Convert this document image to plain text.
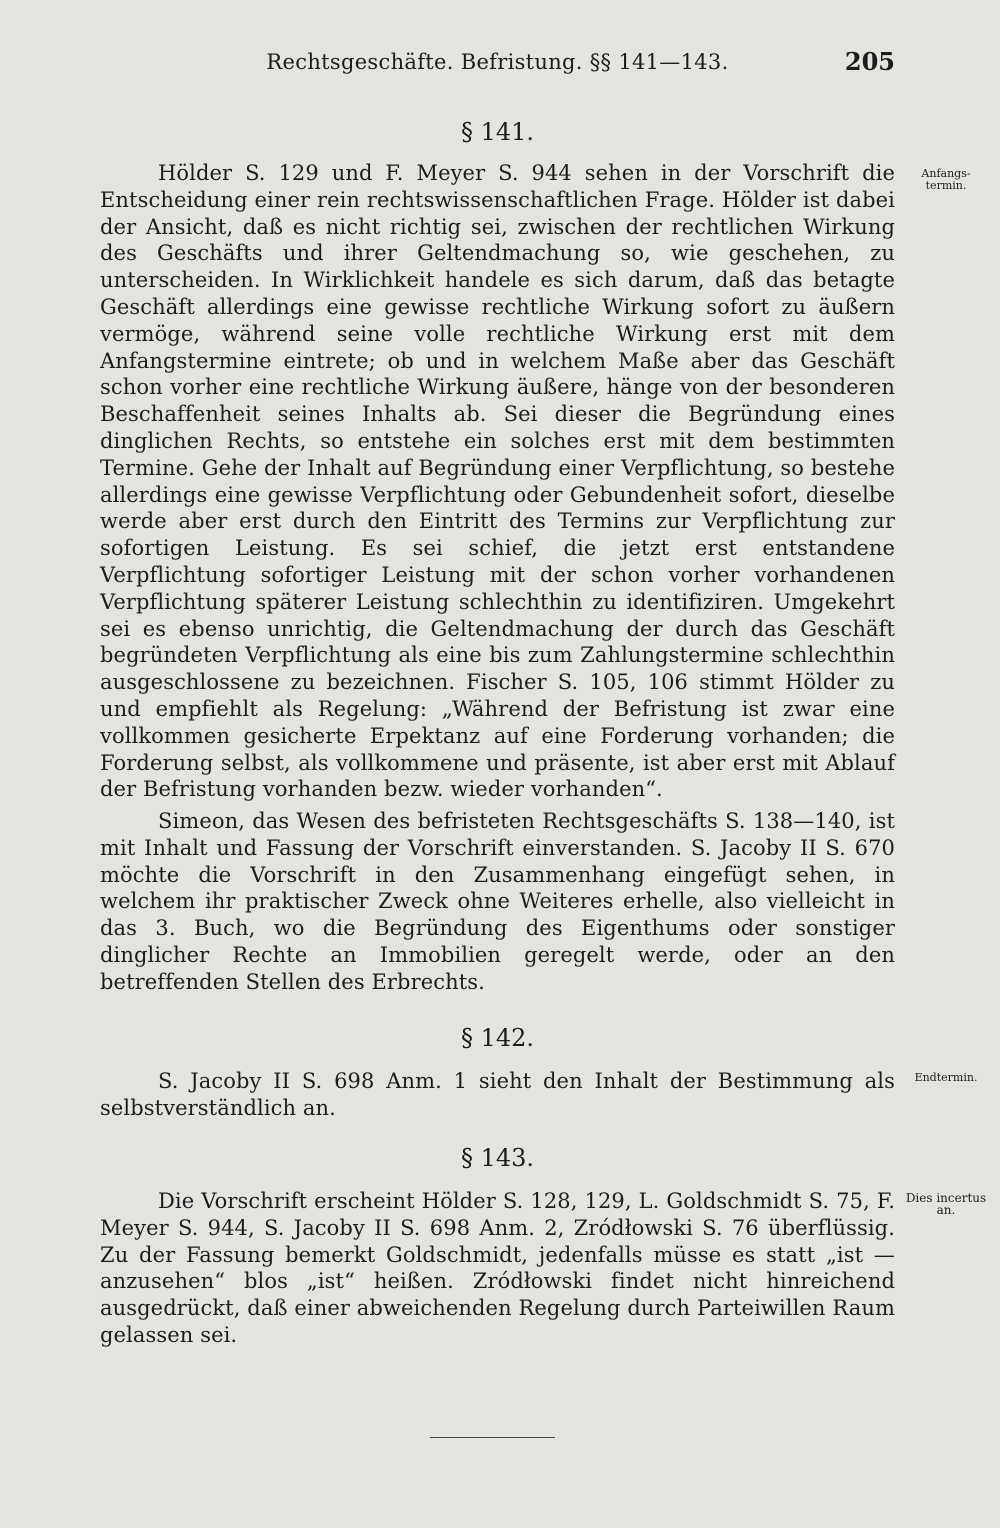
Rechtsgeschäfte. Befristung. §§ 141—143.	205
§ 141.
Hölder S. 129 und F. Meyer S. 944 sehen in der Vorschrift die Entscheidung einer rein rechtswissenschaftlichen Frage. Hölder ist dabei der Ansicht, daß es nicht richtig sei, zwischen der rechtlichen Wirkung des Geschäfts und ihrer Geltendmachung so, wie geschehen, zu unterscheiden. In Wirklichkeit handele es sich darum, daß das betagte Geschäft allerdings eine gewisse rechtliche Wirkung sofort zu äußern vermöge, während seine volle rechtliche Wirkung erst mit dem Anfangstermine eintrete; ob und in welchem Maße aber das Geschäft schon vorher eine rechtliche Wirkung äußere, hänge von der besonderen Beschaffenheit seines Inhalts ab. Sei dieser die Begründung eines dinglichen Rechts, so entstehe ein solches erst mit dem bestimmten Termine. Gehe der Inhalt auf Begründung einer Verpflichtung, so bestehe allerdings eine gewisse Verpflichtung oder Gebundenheit sofort, dieselbe werde aber erst durch den Eintritt des Termins zur Verpflichtung zur sofortigen Leistung. Es sei schief, die jetzt erst entstandene Verpflichtung sofortiger Leistung mit der schon vorher vorhandenen Verpflichtung späterer Leistung schlechthin zu identifiziren. Umgekehrt sei es ebenso unrichtig, die Geltendmachung der durch das Geschäft begründeten Verpflichtung als eine bis zum Zahlungstermine schlechthin ausgeschlossene zu bezeichnen. Fischer S. 105, 106 stimmt Hölder zu und empfiehlt als Regelung: „Während der Befristung ist zwar eine vollkommen gesicherte Erpektanz auf eine Forderung vorhanden; die Forderung selbst, als vollkommene und präsente, ist aber erst mit Ablauf der Befristung vorhanden bezw. wieder vorhanden“.
Simeon, das Wesen des befristeten Rechtsgeschäfts S. 138—140, ist mit Inhalt und Fassung der Vorschrift einverstanden. S. Jacoby II S. 670 möchte die Vorschrift in den Zusammenhang eingefügt sehen, in welchem ihr praktischer Zweck ohne Weiteres erhelle, also vielleicht in das 3. Buch, wo die Begründung des Eigenthums oder sonstiger dinglicher Rechte an Immobilien geregelt werde, oder an den betreffenden Stellen des Erbrechts.
§ 142.
S. Jacoby II S. 698 Anm. 1 sieht den Inhalt der Bestimmung als selbstverständlich an.
§ 143.
Die Vorschrift erscheint Hölder S. 128, 129, L. Goldschmidt S. 75, F. Meyer S. 944, S. Jacoby II S. 698 Anm. 2, Zródłowski S. 76 überflüssig. Zu der Fassung bemerkt Goldschmidt, jedenfalls müsse es statt „ist — anzusehen“ blos „ist“ heißen. Zródłowski findet nicht hinreichend ausgedrückt, daß einer abweichenden Regelung durch Parteiwillen Raum gelassen sei.
Anfangs-termin.
Endtermin.
Dies incertus an.
